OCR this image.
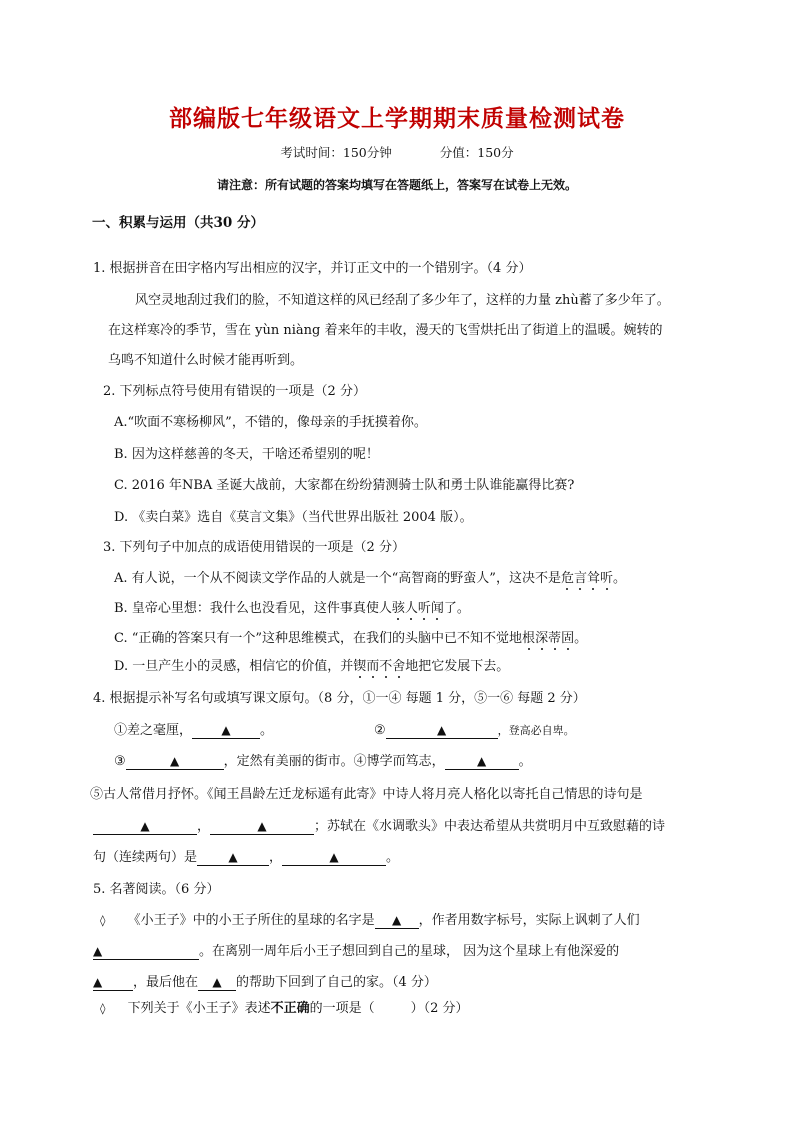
部编版七年级语文上学期期末质量检测试卷
考试时间：150分钟	分值：150分
请注意：所有试题的答案均填写在答题纸上，答案写在试卷上无效。
一、积累与运用（共30 分）
1. 根据拼音在田字格内写出相应的汉字，并订正文中的一个错别字。（4 分）
风空灵地刮过我们的脸，不知道这样的风已经刮了多少年了，这样的力量 zhù蓄了多少年了。
在这样寒冷的季节，雪在 yùn niàng 着来年的丰收，漫天的飞雪烘托出了街道上的温暖。婉转的
乌鸣不知道什么时候才能再听到。
2. 下列标点符号使用有错误的一项是（2 分）
A.“吹面不寒杨柳风”，不错的，像母亲的手抚摸着你。
B. 因为这样慈善的冬天，干啥还希望别的呢！
C. 2016 年NBA 圣诞大战前，大家都在纷纷猜测骑士队和勇士队谁能赢得比赛?
D. 《卖白菜》选自《莫言文集》（当代世界出版社 2004 版）。
3. 下列句子中加点的成语使用错误的一项是（2 分）
A. 有人说，一个从不阅读文学作品的人就是一个“高智商的野蛮人”，这决不是危言耸听。
B. 皇帝心里想：我什么也没看见，这件事真使人骇人听闻了。
C. “正确的答案只有一个”这种思维模式，在我们的头脑中已不知不觉地根深蒂固。
D. 一旦产生小的灵感，相信它的价值，并锲而不舍地把它发展下去。
4. 根据提示补写名句或填写课文原句。（8 分，①一④ 每题 1 分，⑤一⑥ 每题 2 分）
①差之毫厘， ▲ 。	②	▲	，登高必自卑。
③	▲	，定然有美丽的街市。④博学而笃志，	▲ 。
⑤古人常借月抒怀。《闻王昌龄左迁龙标遥有此寄》中诗人将月亮人格化以寄托自己情思的诗句是
▲	，	▲	；苏轼在《水调歌头》中表达希望从共赏明月中互致慰藉的诗
句（连续两句）是	▲ ，	▲	。
5. 名著阅读。（6 分）
◊ 《小王子》中的小王子所住的星球的名字是 ▲ ，作者用数字标号，实际上讽刺了人们
▲	。在离别一周年后小王子想回到自己的星球， 因为这个星球上有他深爱的
▲ ，最后他在 ▲ 的帮助下回到了自己的家。（4 分）
◊ 下列关于《小王子》表述不正确的一项是（	）（2 分）
